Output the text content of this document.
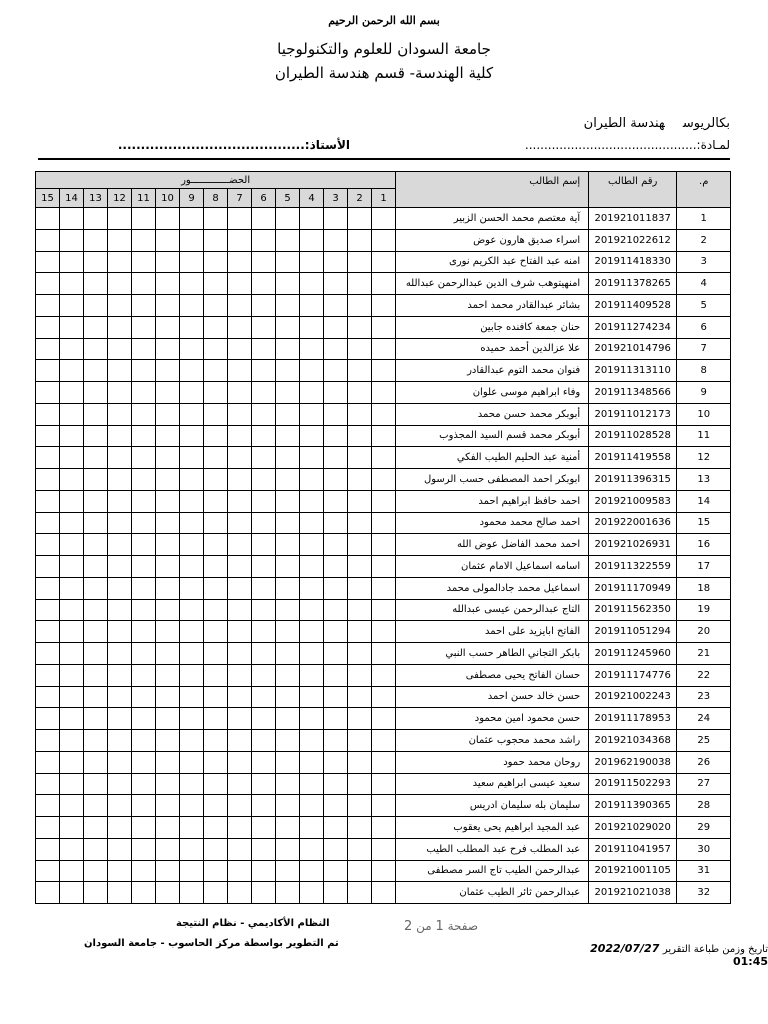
بسم الله الرحمن الرحيم
جامعة السودان للعلوم والتكنولوجيا
كلية الهندسة- قسم هندسة الطيران
بكالريوسهندسة الطيران
لمـادة:.............................................
الأستاذ:.........................................
الحضـــــــــــــور															إسم الطالب	رقم الطالب	م.
15	14	13	12	11	10	9	8	7	6	5	4	3	2	1			
															آية معتصم محمد الحسن الزبير	201921011837	1
															اسراء صديق هارون عوض	201921022612	2
															امنه عبد الفتاح عبد الكريم نورى	201911418330	3
															امنهيتوهب شرف الدين عبدالرحمن عبدالله	201911378265	4
															بشائر عبدالقادر محمد احمد	201911409528	5
															حنان جمعة كافنده جابين	201911274234	6
															علا عزالدين أحمد حميده	201921014796	7
															فنوان محمد التوم عبدالقادر	201911313110	8
															وفاء ابراهيم موسى علوان	201911348566	9
															أبوبكر محمد حسن محمد	201911012173	10
															أبوبكر محمد قسم السيد المجذوب	201911028528	11
															أمنية عبد الحليم الطيب الفكي	201911419558	12
															ابوبكر احمد المصطفى حسب الرسول	201911396315	13
															احمد حافظ ابراهيم احمد	201921009583	14
															احمد صالح محمد محمود	201922001636	15
															احمد محمد الفاضل عوض الله	201921026931	16
															اسامه اسماعيل الامام عثمان	201911322559	17
															اسماعيل محمد جادالمولى محمد	201911170949	18
															التاج عبدالرحمن عيسى عبدالله	201911562350	19
															الفاتح ابايزيد على احمد	201911051294	20
															بابكر التجاني الطاهر حسب النبي	201911245960	21
															حسان الفاتح يحيى مصطفى	201911174776	22
															حسن خالد حسن احمد	201921002243	23
															حسن محمود امين محمود	201911178953	24
															راشد محمد محجوب عثمان	201921034368	25
															روحان محمد حمود	201962190038	26
															سعيد عيسى ابراهيم سعيد	201911502293	27
															سليمان بله سليمان ادريس	201911390365	28
															عبد المجيد ابراهيم يحى يعقوب	201921029020	29
															عبد المطلب فرح عبد المطلب الطيب	201911041957	30
															عبدالرحمن الطيب تاج السر مصطفى	201921001105	31
															عبدالرحمن ثائر الطيب عثمان	201921021038	32
النظام الأكاديمي - نظام النتيجة	صفحة 1 من 2
تم التطوير بواسطة مركز الحاسوب - جامعة السودان
تاريخ وزمن طباعة التقرير 2022/07/27 01:45
